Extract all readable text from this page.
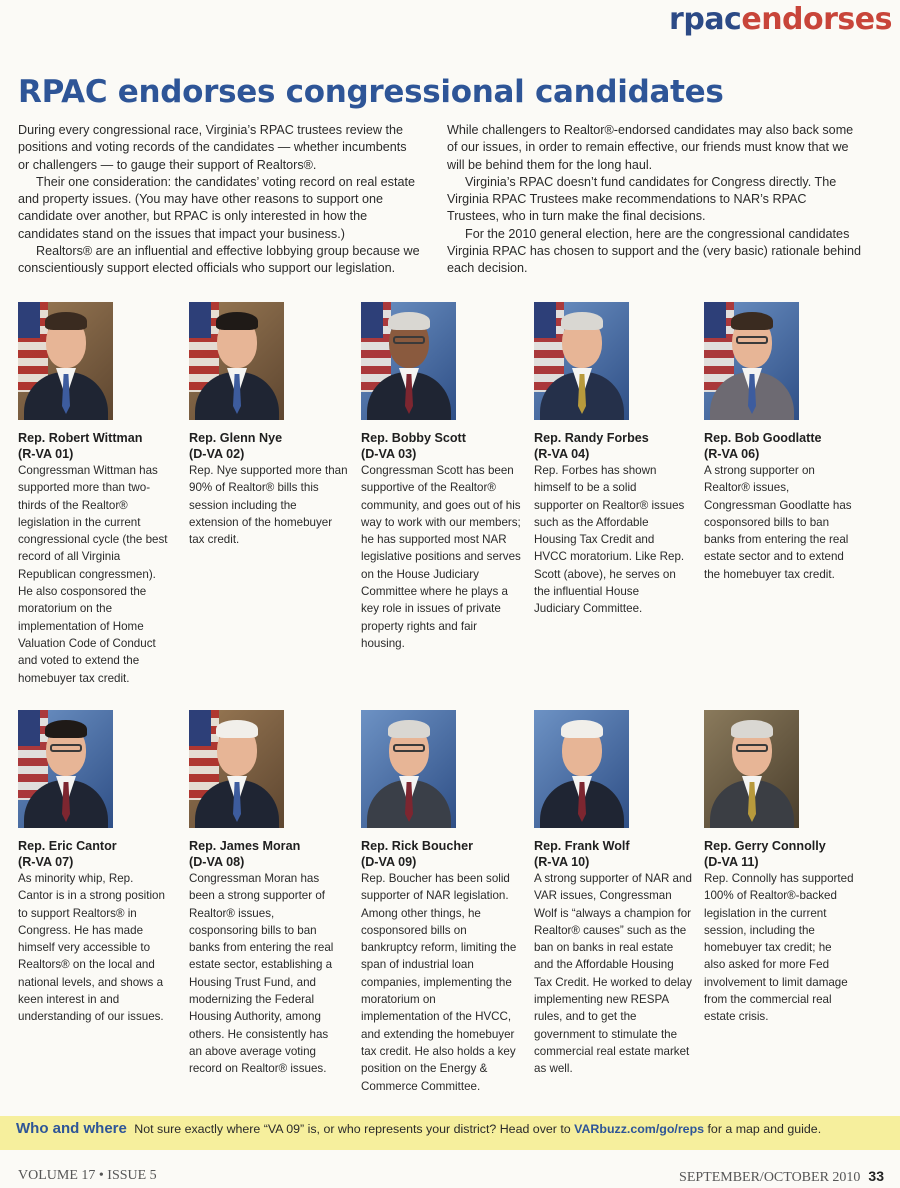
rpacendorses
RPAC endorses congressional candidates

During every congressional race, Virginia’s RPAC trustees review the positions and voting records of the candidates — whether incumbents or challengers — to gauge their support of Realtors®.

Their one consideration: the candidates’ voting record on real estate and property issues. (You may have other reasons to support one candidate over another, but RPAC is only interested in how the candidates stand on the issues that impact your business.)

Realtors® are an influential and effective lobbying group because we conscientiously support elected officials who support our legislation.

While challengers to Realtor®-endorsed candidates may also back some of our issues, in order to remain effective, our friends must know that we will be behind them for the long haul.

Virginia’s RPAC doesn’t fund candidates for Congress directly. The Virginia RPAC Trustees make recommendations to NAR’s RPAC Trustees, who in turn make the final decisions.

For the 2010 general election, here are the congressional candidates Virginia RPAC has chosen to support and the (very basic) rationale behind each decision.

Rep. Robert Wittman
(R-VA 01)
Congressman Wittman has supported more than two-thirds of the Realtor® legislation in the current congressional cycle (the best record of all Virginia Republican congressmen). He also cosponsored the moratorium on the implementation of Home Valuation Code of Conduct and voted to extend the homebuyer tax credit.
Rep. Glenn Nye
(D-VA 02)
Rep. Nye supported more than 90% of Realtor® bills this session including the extension of the homebuyer tax credit.
Rep. Bobby Scott
(D-VA 03)
Congressman Scott has been supportive of the Realtor® community, and goes out of his way to work with our members; he has supported most NAR legislative positions and serves on the House Judiciary Committee where he plays a key role in issues of private property rights and fair housing.
Rep. Randy Forbes
(R-VA 04)
Rep. Forbes has shown himself to be a solid supporter on Realtor® issues such as the Affordable Housing Tax Credit and HVCC moratorium. Like Rep. Scott (above), he serves on the influential House Judiciary Committee.
Rep. Bob Goodlatte
(R-VA 06)
A strong supporter on Realtor® issues, Congressman Goodlatte has cosponsored bills to ban banks from entering the real estate sector and to extend the homebuyer tax credit.
Rep. Eric Cantor
(R-VA 07)
As minority whip, Rep. Cantor is in a strong position to support Realtors® in Congress. He has made himself very accessible to Realtors® on the local and national levels, and shows a keen interest in and understanding of our issues.
Rep. James Moran
(D-VA 08)
Congressman Moran has been a strong supporter of Realtor® issues, cosponsoring bills to ban banks from entering the real estate sector, establishing a Housing Trust Fund, and modernizing the Federal Housing Authority, among others. He consistently has an above average voting record on Realtor® issues.
Rep. Rick Boucher
(D-VA 09)
Rep. Boucher has been solid supporter of NAR legislation. Among other things, he cosponsored bills on bankruptcy reform, limiting the span of industrial loan companies, implementing the moratorium on implementation of the HVCC, and extending the homebuyer tax credit. He also holds a key position on the Energy & Commerce Committee.
Rep. Frank Wolf
(R-VA 10)
A strong supporter of NAR and VAR issues, Congressman Wolf is “always a champion for Realtor® causes” such as the ban on banks in real estate and the Affordable Housing Tax Credit. He worked to delay implementing new RESPA rules, and to get the government to stimulate the commercial real estate market as well.
Rep. Gerry Connolly
(D-VA 11)
Rep. Connolly has supported 100% of Realtor®-backed legislation in the current session, including the homebuyer tax credit; he also asked for more Fed involvement to limit damage from the commercial real estate crisis.
Who and where Not sure exactly where “VA 09” is, or who represents your district? Head over to VARbuzz.com/go/reps for a map and guide.
VOLUME 17 • ISSUE 5	SEPTEMBER/OCTOBER 2010 33
